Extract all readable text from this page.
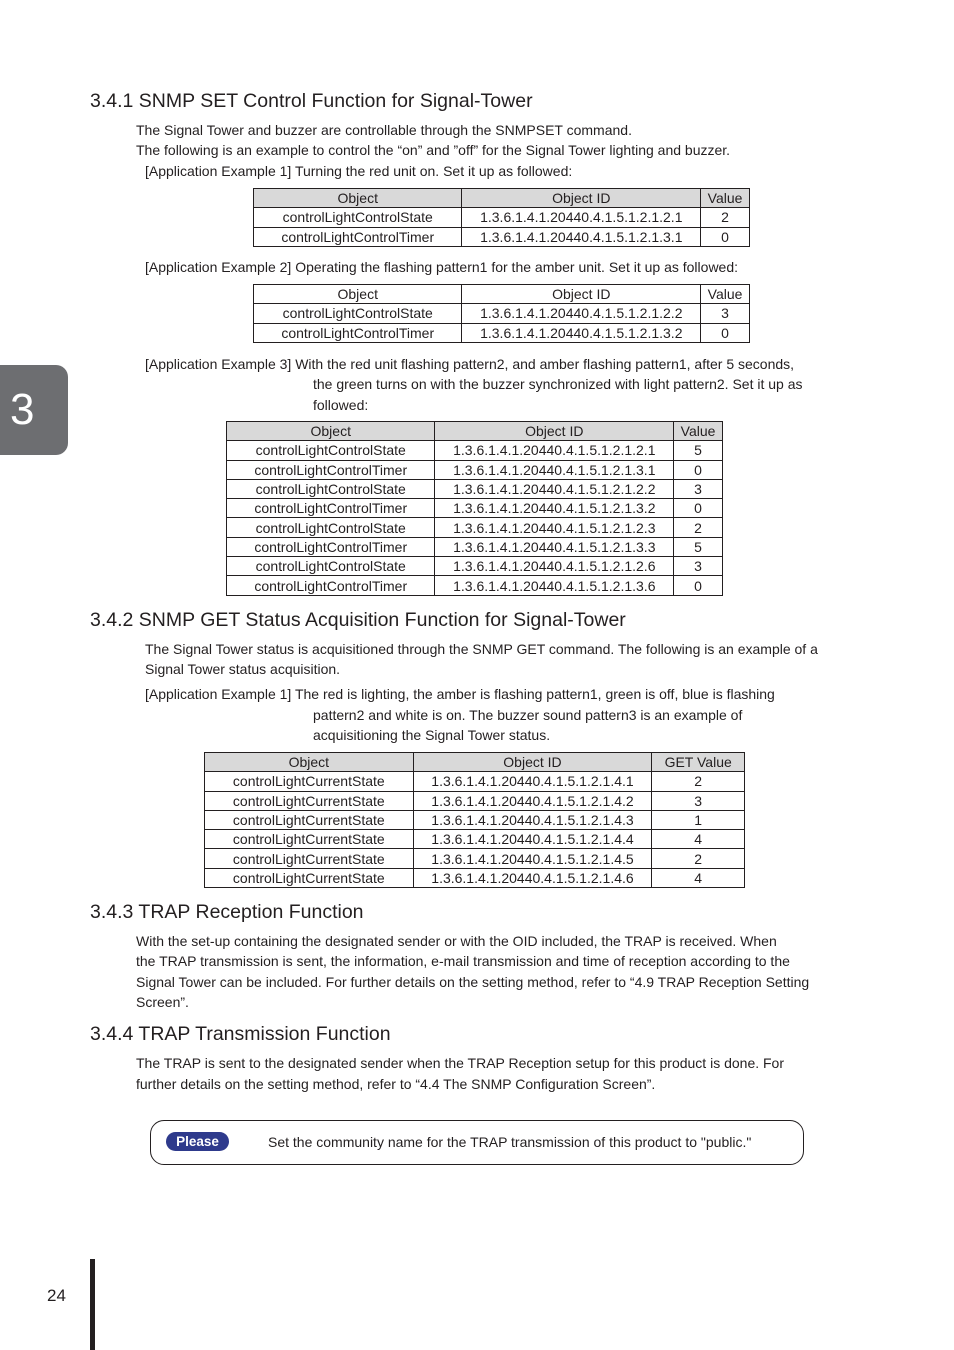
3
3.4.1 SNMP SET Control Function for Signal-Tower

The Signal Tower and buzzer are controllable through the SNMPSET command.

The following is an example to control the “on” and ”off” for the Signal Tower lighting and buzzer.

[Application Example 1] Turning the red unit on. Set it up as followed:

Object	Object ID	Value
controlLightControlState	1.3.6.1.4.1.20440.4.1.5.1.2.1.2.1	2
controlLightControlTimer	1.3.6.1.4.1.20440.4.1.5.1.2.1.3.1	0

[Application Example 2] Operating the flashing pattern1 for the amber unit. Set it up as followed:

Object	Object ID	Value
controlLightControlState	1.3.6.1.4.1.20440.4.1.5.1.2.1.2.2	3
controlLightControlTimer	1.3.6.1.4.1.20440.4.1.5.1.2.1.3.2	0

[Application Example 3] With the red unit flashing pattern2, and amber flashing pattern1, after 5 seconds,

the green turns on with the buzzer synchronized with light pattern2. Set it up as

followed:

Object	Object ID	Value
controlLightControlState	1.3.6.1.4.1.20440.4.1.5.1.2.1.2.1	5
controlLightControlTimer	1.3.6.1.4.1.20440.4.1.5.1.2.1.3.1	0
controlLightControlState	1.3.6.1.4.1.20440.4.1.5.1.2.1.2.2	3
controlLightControlTimer	1.3.6.1.4.1.20440.4.1.5.1.2.1.3.2	0
controlLightControlState	1.3.6.1.4.1.20440.4.1.5.1.2.1.2.3	2
controlLightControlTimer	1.3.6.1.4.1.20440.4.1.5.1.2.1.3.3	5
controlLightControlState	1.3.6.1.4.1.20440.4.1.5.1.2.1.2.6	3
controlLightControlTimer	1.3.6.1.4.1.20440.4.1.5.1.2.1.3.6	0
3.4.2 SNMP GET Status Acquisition Function for Signal-Tower

The Signal Tower status is acquisitioned through the SNMP GET command. The following is an example of a

Signal Tower status acquisition.

[Application Example 1] The red is lighting, the amber is flashing pattern1, green is off, blue is flashing

pattern2 and white is on. The buzzer sound pattern3 is an example of

acquisitioning the Signal Tower status.

Object	Object ID	GET Value
controlLightCurrentState	1.3.6.1.4.1.20440.4.1.5.1.2.1.4.1	2
controlLightCurrentState	1.3.6.1.4.1.20440.4.1.5.1.2.1.4.2	3
controlLightCurrentState	1.3.6.1.4.1.20440.4.1.5.1.2.1.4.3	1
controlLightCurrentState	1.3.6.1.4.1.20440.4.1.5.1.2.1.4.4	4
controlLightCurrentState	1.3.6.1.4.1.20440.4.1.5.1.2.1.4.5	2
controlLightCurrentState	1.3.6.1.4.1.20440.4.1.5.1.2.1.4.6	4
3.4.3 TRAP Reception Function

With the set-up containing the designated sender or with the OID included, the TRAP is received. When

the TRAP transmission is sent, the information, e-mail transmission and time of reception according to the

Signal Tower can be included. For further details on the setting method, refer to “4.9 TRAP Reception Setting

Screen”.

3.4.4 TRAP Transmission Function

The TRAP is sent to the designated sender when the TRAP Reception setup for this product is done. For

further details on the setting method, refer to “4.4 The SNMP Configuration Screen”.

Please	Set the community name for the TRAP transmission of this product to "public."
24
